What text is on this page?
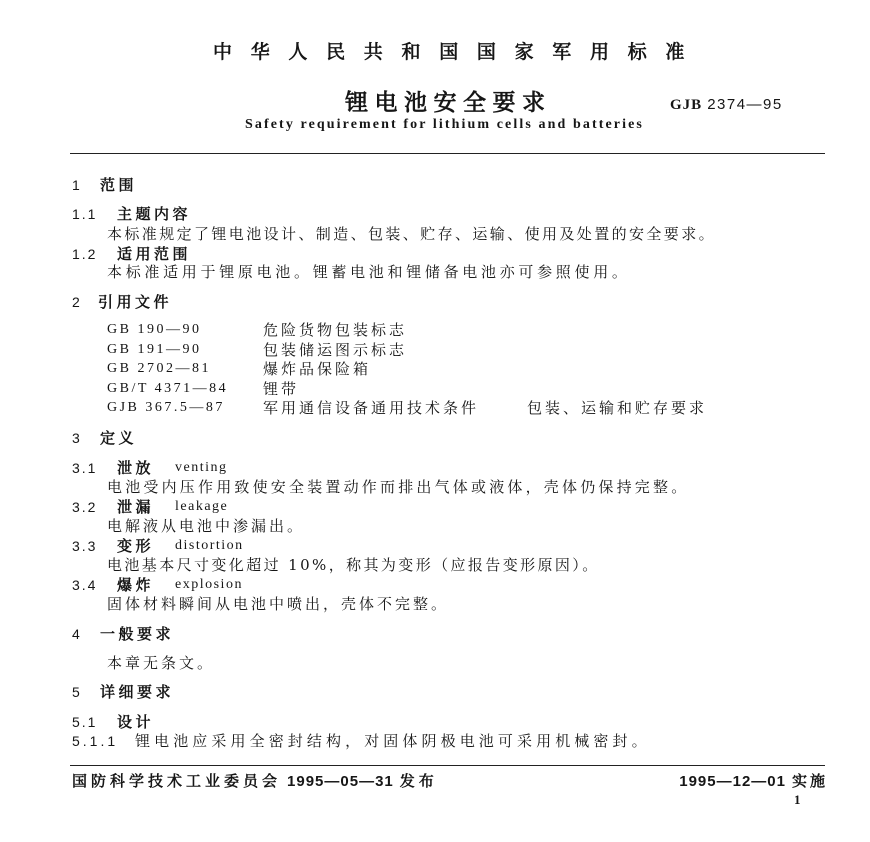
中华人民共和国国家军用标准
锂电池安全要求	GJB 2374—95
Safety requirement for lithium cells and batteries
1 范围
1.1 主题内容
本标准规定了锂电池设计、制造、包装、贮存、运输、使用及处置的安全要求。
1.2 适用范围
本标准适用于锂原电池。锂蓄电池和锂储备电池亦可参照使用。
2 引用文件
GB 190—90	危险货物包装标志
GB 191—90	包装储运图示标志
GB 2702—81	爆炸品保险箱
GB/T 4371—84 锂带
GJB 367.5—87	军用通信设备通用技术条件	包装、运输和贮存要求
3 定义
3.1 泄放 venting
电池受内压作用致使安全装置动作而排出气体或液体，壳体仍保持完整。
3.2 泄漏 leakage
电解液从电池中渗漏出。
3.3 变形 distortion
电池基本尺寸变化超过 10%，称其为变形（应报告变形原因）。
3.4 爆炸 explosion
固体材料瞬间从电池中喷出，壳体不完整。
4 一般要求
本章无条文。
5 详细要求
5.1 设计
5.1.1 锂电池应采用全密封结构，对固体阴极电池可采用机械密封。
国防科学技术工业委员会 1995—05—31 发布	1995—12—01 实施
1
